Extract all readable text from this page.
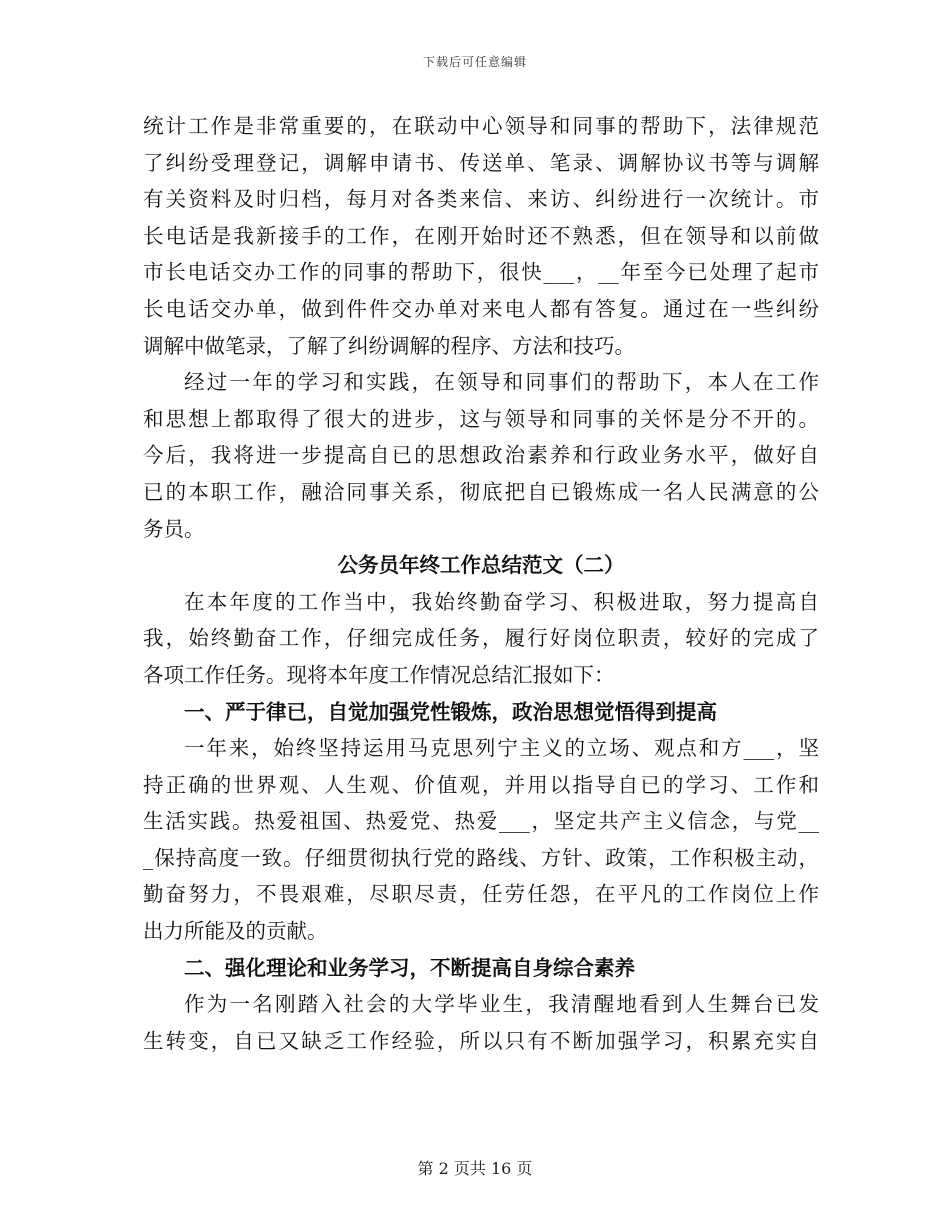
下载后可任意编辑
统计工作是非常重要的，在联动中心领导和同事的帮助下，法律规范
了纠纷受理登记，调解申请书、传送单、笔录、调解协议书等与调解
有关资料及时归档，每月对各类来信、来访、纠纷进行一次统计。市
长电话是我新接手的工作，在刚开始时还不熟悉，但在领导和以前做
市长电话交办工作的同事的帮助下，很快___，__年至今已处理了起市
长电话交办单，做到件件交办单对来电人都有答复。通过在一些纠纷
调解中做笔录，了解了纠纷调解的程序、方法和技巧。
经过一年的学习和实践，在领导和同事们的帮助下，本人在工作
和思想上都取得了很大的进步，这与领导和同事的关怀是分不开的。
今后，我将进一步提高自已的思想政治素养和行政业务水平，做好自
已的本职工作，融洽同事关系，彻底把自已锻炼成一名人民满意的公
务员。
公务员年终工作总结范文（二）
在本年度的工作当中，我始终勤奋学习、积极进取，努力提高自
我，始终勤奋工作，仔细完成任务，履行好岗位职责，较好的完成了
各项工作任务。现将本年度工作情况总结汇报如下：
一、严于律已，自觉加强党性锻炼，政治思想觉悟得到提高
一年来，始终坚持运用马克思列宁主义的立场、观点和方___，坚
持正确的世界观、人生观、价值观，并用以指导自已的学习、工作和
生活实践。热爱祖国、热爱党、热爱___，坚定共产主义信念，与党__
_保持高度一致。仔细贯彻执行党的路线、方针、政策，工作积极主动，
勤奋努力，不畏艰难，尽职尽责，任劳任怨，在平凡的工作岗位上作
出力所能及的贡献。
二、强化理论和业务学习，不断提高自身综合素养
作为一名刚踏入社会的大学毕业生，我清醒地看到人生舞台已发
生转变，自已又缺乏工作经验，所以只有不断加强学习，积累充实自
第 2 页共 16 页
